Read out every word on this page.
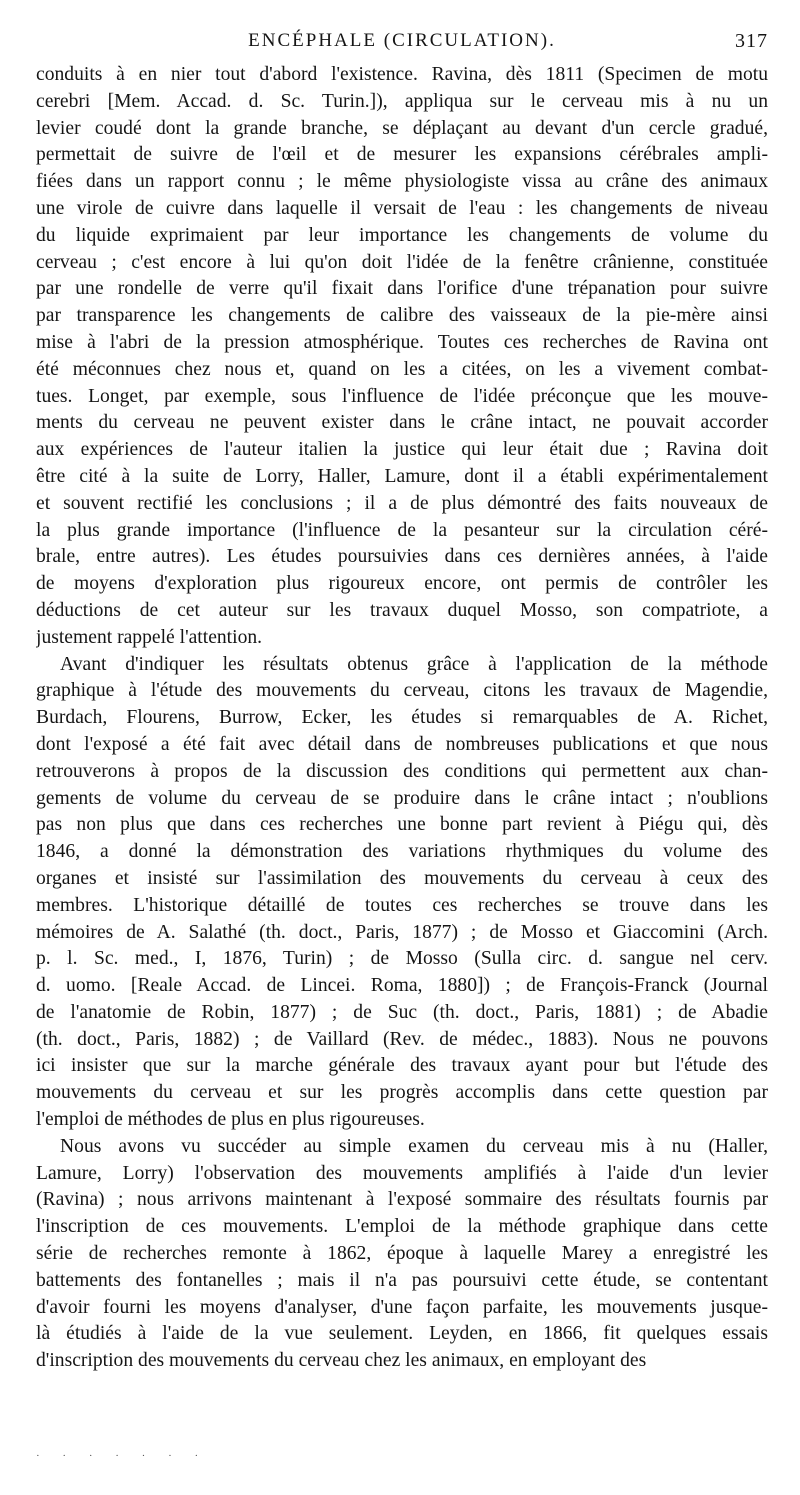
ENCÉPHALE (CIRCULATION).	317
conduits à en nier tout d'abord l'existence. Ravina, dès 1811 (Specimen de motu
cerebri [Mem. Accad. d. Sc. Turin.]), appliqua sur le cerveau mis à nu un
levier coudé dont la grande branche, se déplaçant au devant d'un cercle gradué,
permettait de suivre de l'œil et de mesurer les expansions cérébrales ampli-
fiées dans un rapport connu ; le même physiologiste vissa au crâne des animaux
une virole de cuivre dans laquelle il versait de l'eau : les changements de niveau
du liquide exprimaient par leur importance les changements de volume du
cerveau ; c'est encore à lui qu'on doit l'idée de la fenêtre crânienne, constituée
par une rondelle de verre qu'il fixait dans l'orifice d'une trépanation pour suivre
par transparence les changements de calibre des vaisseaux de la pie-mère ainsi
mise à l'abri de la pression atmosphérique. Toutes ces recherches de Ravina ont
été méconnues chez nous et, quand on les a citées, on les a vivement combat-
tues. Longet, par exemple, sous l'influence de l'idée préconçue que les mouve-
ments du cerveau ne peuvent exister dans le crâne intact, ne pouvait accorder
aux expériences de l'auteur italien la justice qui leur était due ; Ravina doit
être cité à la suite de Lorry, Haller, Lamure, dont il a établi expérimentalement
et souvent rectifié les conclusions ; il a de plus démontré des faits nouveaux de
la plus grande importance (l'influence de la pesanteur sur la circulation céré-
brale, entre autres). Les études poursuivies dans ces dernières années, à l'aide
de moyens d'exploration plus rigoureux encore, ont permis de contrôler les
déductions de cet auteur sur les travaux duquel Mosso, son compatriote, a
justement rappelé l'attention.
Avant d'indiquer les résultats obtenus grâce à l'application de la méthode
graphique à l'étude des mouvements du cerveau, citons les travaux de Magendie,
Burdach, Flourens, Burrow, Ecker, les études si remarquables de A. Richet,
dont l'exposé a été fait avec détail dans de nombreuses publications et que nous
retrouverons à propos de la discussion des conditions qui permettent aux chan-
gements de volume du cerveau de se produire dans le crâne intact ; n'oublions
pas non plus que dans ces recherches une bonne part revient à Piégu qui, dès
1846, a donné la démonstration des variations rhythmiques du volume des
organes et insisté sur l'assimilation des mouvements du cerveau à ceux des
membres. L'historique détaillé de toutes ces recherches se trouve dans les
mémoires de A. Salathé (th. doct., Paris, 1877) ; de Mosso et Giaccomini (Arch.
p. l. Sc. med., I, 1876, Turin) ; de Mosso (Sulla circ. d. sangue nel cerv.
d. uomo. [Reale Accad. de Lincei. Roma, 1880]) ; de François-Franck (Journal
de l'anatomie de Robin, 1877) ; de Suc (th. doct., Paris, 1881) ; de Abadie
(th. doct., Paris, 1882) ; de Vaillard (Rev. de médec., 1883). Nous ne pouvons
ici insister que sur la marche générale des travaux ayant pour but l'étude des
mouvements du cerveau et sur les progrès accomplis dans cette question par
l'emploi de méthodes de plus en plus rigoureuses.
Nous avons vu succéder au simple examen du cerveau mis à nu (Haller,
Lamure, Lorry) l'observation des mouvements amplifiés à l'aide d'un levier
(Ravina) ; nous arrivons maintenant à l'exposé sommaire des résultats fournis par
l'inscription de ces mouvements. L'emploi de la méthode graphique dans cette
série de recherches remonte à 1862, époque à laquelle Marey a enregistré les
battements des fontanelles ; mais il n'a pas poursuivi cette étude, se contentant
d'avoir fourni les moyens d'analyser, d'une façon parfaite, les mouvements jusque-
là étudiés à l'aide de la vue seulement. Leyden, en 1866, fit quelques essais
d'inscription des mouvements du cerveau chez les animaux, en employant des
· · · · · · ·
